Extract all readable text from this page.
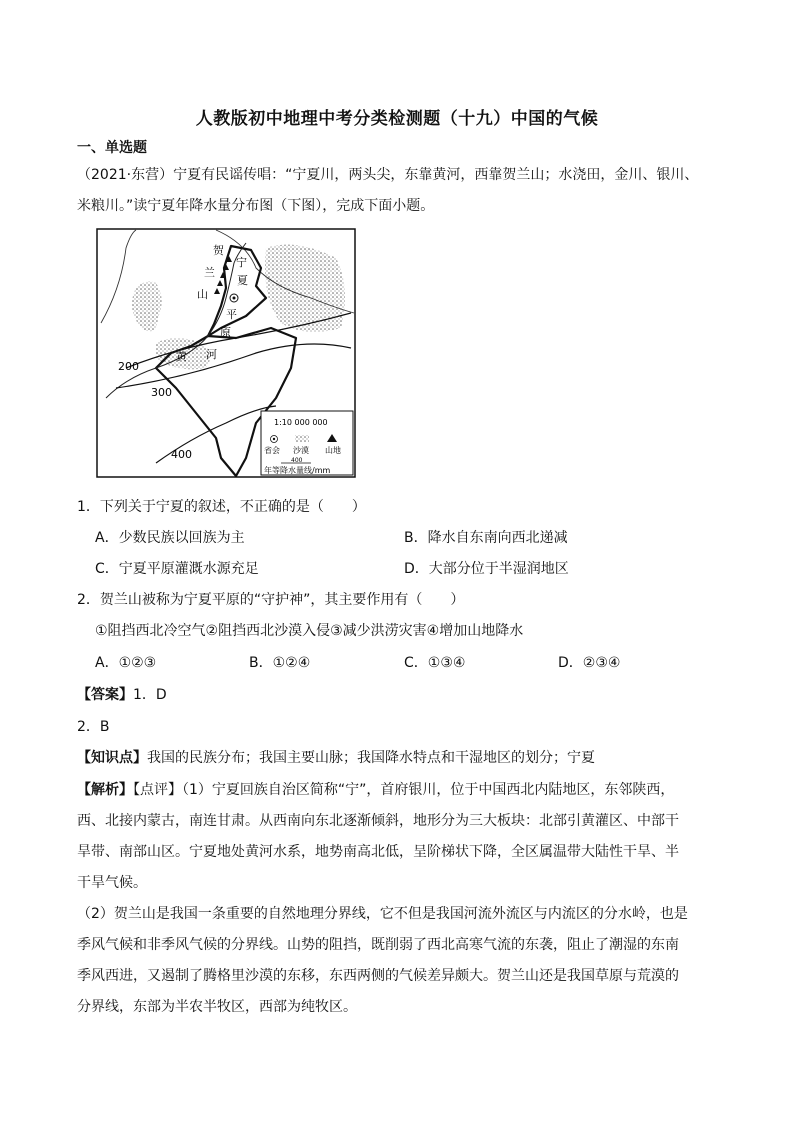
人教版初中地理中考分类检测题（十九）中国的气候
一、单选题
（2021·东营）宁夏有民谣传唱：“宁夏川，两头尖，东靠黄河，西靠贺兰山；水浇田，金川、银川、
米粮川。”读宁夏年降水量分布图（下图），完成下面小题。
贺
兰
山
宁
夏
平
原
黄 河
200
300
400
1:10 000 000
省会 沙漠 山地
400
年等降水量线/mm
1．下列关于宁夏的叙述，不正确的是（　　）
A．少数民族以回族为主	B．降水自东南向西北递减
C．宁夏平原灌溉水源充足	D．大部分位于半湿润地区
2．贺兰山被称为宁夏平原的“守护神”，其主要作用有（　　）
①阻挡西北冷空气②阻挡西北沙漠入侵③减少洪涝灾害④增加山地降水
A．①②③	B．①②④	C．①③④	D．②③④
【答案】1．D
2．B
【知识点】我国的民族分布；我国主要山脉；我国降水特点和干湿地区的划分；宁夏
【解析】【点评】（1）宁夏回族自治区简称“宁”，首府银川，位于中国西北内陆地区，东邻陕西，
西、北接内蒙古，南连甘肃。从西南向东北逐渐倾斜，地形分为三大板块：北部引黄灌区、中部干
旱带、南部山区。宁夏地处黄河水系，地势南高北低，呈阶梯状下降，全区属温带大陆性干旱、半
干旱气候。
（2）贺兰山是我国一条重要的自然地理分界线，它不但是我国河流外流区与内流区的分水岭，也是
季风气候和非季风气候的分界线。山势的阻挡，既削弱了西北高寒气流的东袭，阻止了潮湿的东南
季风西进，又遏制了腾格里沙漠的东移，东西两侧的气候差异颇大。贺兰山还是我国草原与荒漠的
分界线，东部为半农半牧区，西部为纯牧区。
